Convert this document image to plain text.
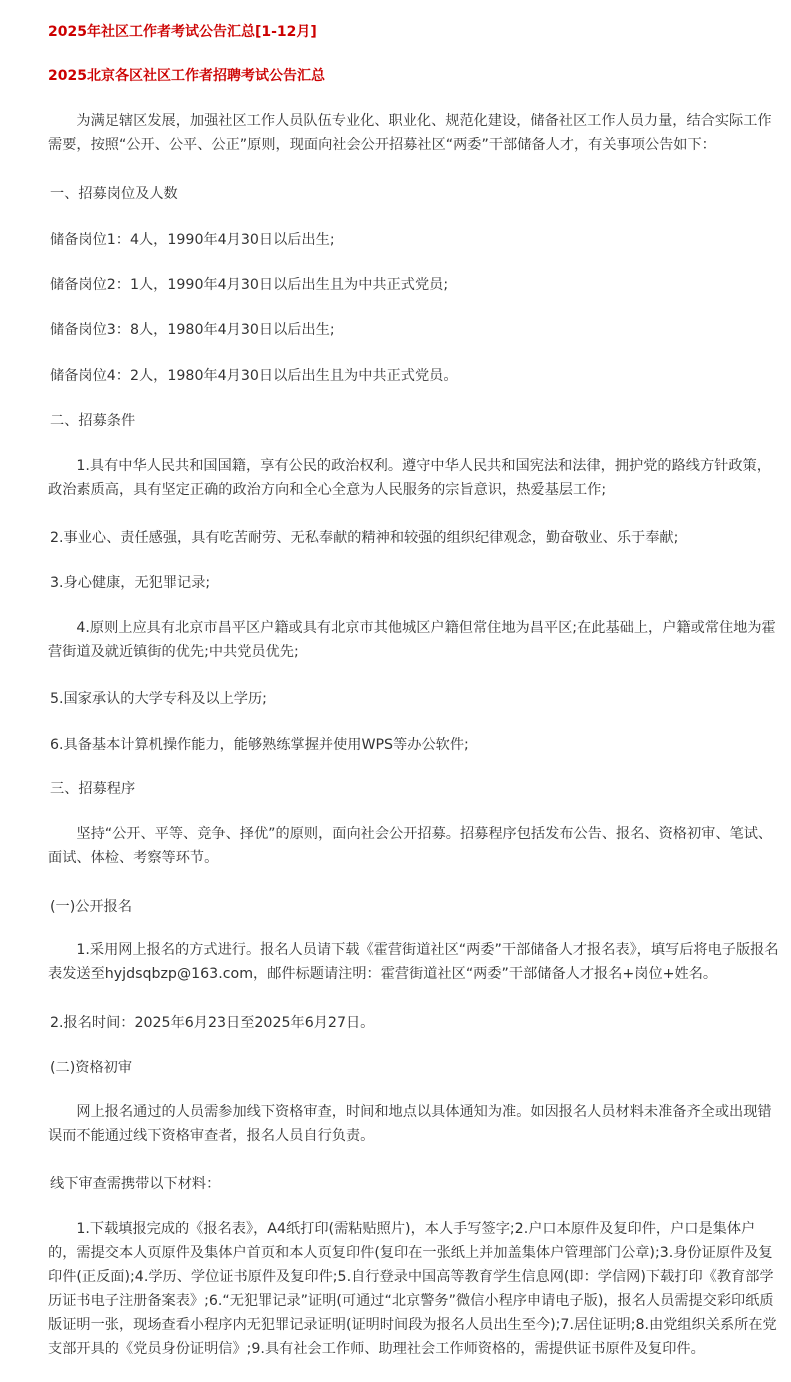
2025年社区工作者考试公告汇总[1-12月]
2025北京各区社区工作者招聘考试公告汇总

为满足辖区发展，加强社区工作人员队伍专业化、职业化、规范化建设，储备社区工作人员力量，结合实际工作需要，按照“公开、公平、公正”原则，现面向社会公开招募社区“两委”干部储备人才，有关事项公告如下：

一、招募岗位及人数
储备岗位1：4人，1990年4月30日以后出生;
储备岗位2：1人，1990年4月30日以后出生且为中共正式党员;
储备岗位3：8人，1980年4月30日以后出生;
储备岗位4：2人，1980年4月30日以后出生且为中共正式党员。
二、招募条件

1.具有中华人民共和国国籍，享有公民的政治权利。遵守中华人民共和国宪法和法律，拥护党的路线方针政策，政治素质高，具有坚定正确的政治方向和全心全意为人民服务的宗旨意识，热爱基层工作;

2.事业心、责任感强，具有吃苦耐劳、无私奉献的精神和较强的组织纪律观念，勤奋敬业、乐于奉献;
3.身心健康，无犯罪记录;

4.原则上应具有北京市昌平区户籍或具有北京市其他城区户籍但常住地为昌平区;在此基础上，户籍或常住地为霍营街道及就近镇街的优先;中共党员优先;

5.国家承认的大学专科及以上学历;
6.具备基本计算机操作能力，能够熟练掌握并使用WPS等办公软件;
三、招募程序

坚持“公开、平等、竞争、择优”的原则，面向社会公开招募。招募程序包括发布公告、报名、资格初审、笔试、面试、体检、考察等环节。

(一)公开报名

1.采用网上报名的方式进行。报名人员请下载《霍营街道社区“两委”干部储备人才报名表》，填写后将电子版报名表发送至hyjdsqbzp@163.com，邮件标题请注明：霍营街道社区“两委”干部储备人才报名+岗位+姓名。

2.报名时间：2025年6月23日至2025年6月27日。
(二)资格初审

网上报名通过的人员需参加线下资格审查，时间和地点以具体通知为准。如因报名人员材料未准备齐全或出现错误而不能通过线下资格审查者，报名人员自行负责。

线下审查需携带以下材料：

1.下载填报完成的《报名表》，A4纸打印(需粘贴照片)，本人手写签字;2.户口本原件及复印件，户口是集体户的，需提交本人页原件及集体户首页和本人页复印件(复印在一张纸上并加盖集体户管理部门公章);3.身份证原件及复印件(正反面);4.学历、学位证书原件及复印件;5.自行登录中国高等教育学生信息网(即：学信网)下载打印《教育部学历证书电子注册备案表》;6.“无犯罪记录”证明(可通过“北京警务”微信小程序申请电子版)，报名人员需提交彩印纸质版证明一张，现场查看小程序内无犯罪记录证明(证明时间段为报名人员出生至今);7.居住证明;8.由党组织关系所在党支部开具的《党员身份证明信》;9.具有社会工作师、助理社会工作师资格的，需提供证书原件及复印件。
